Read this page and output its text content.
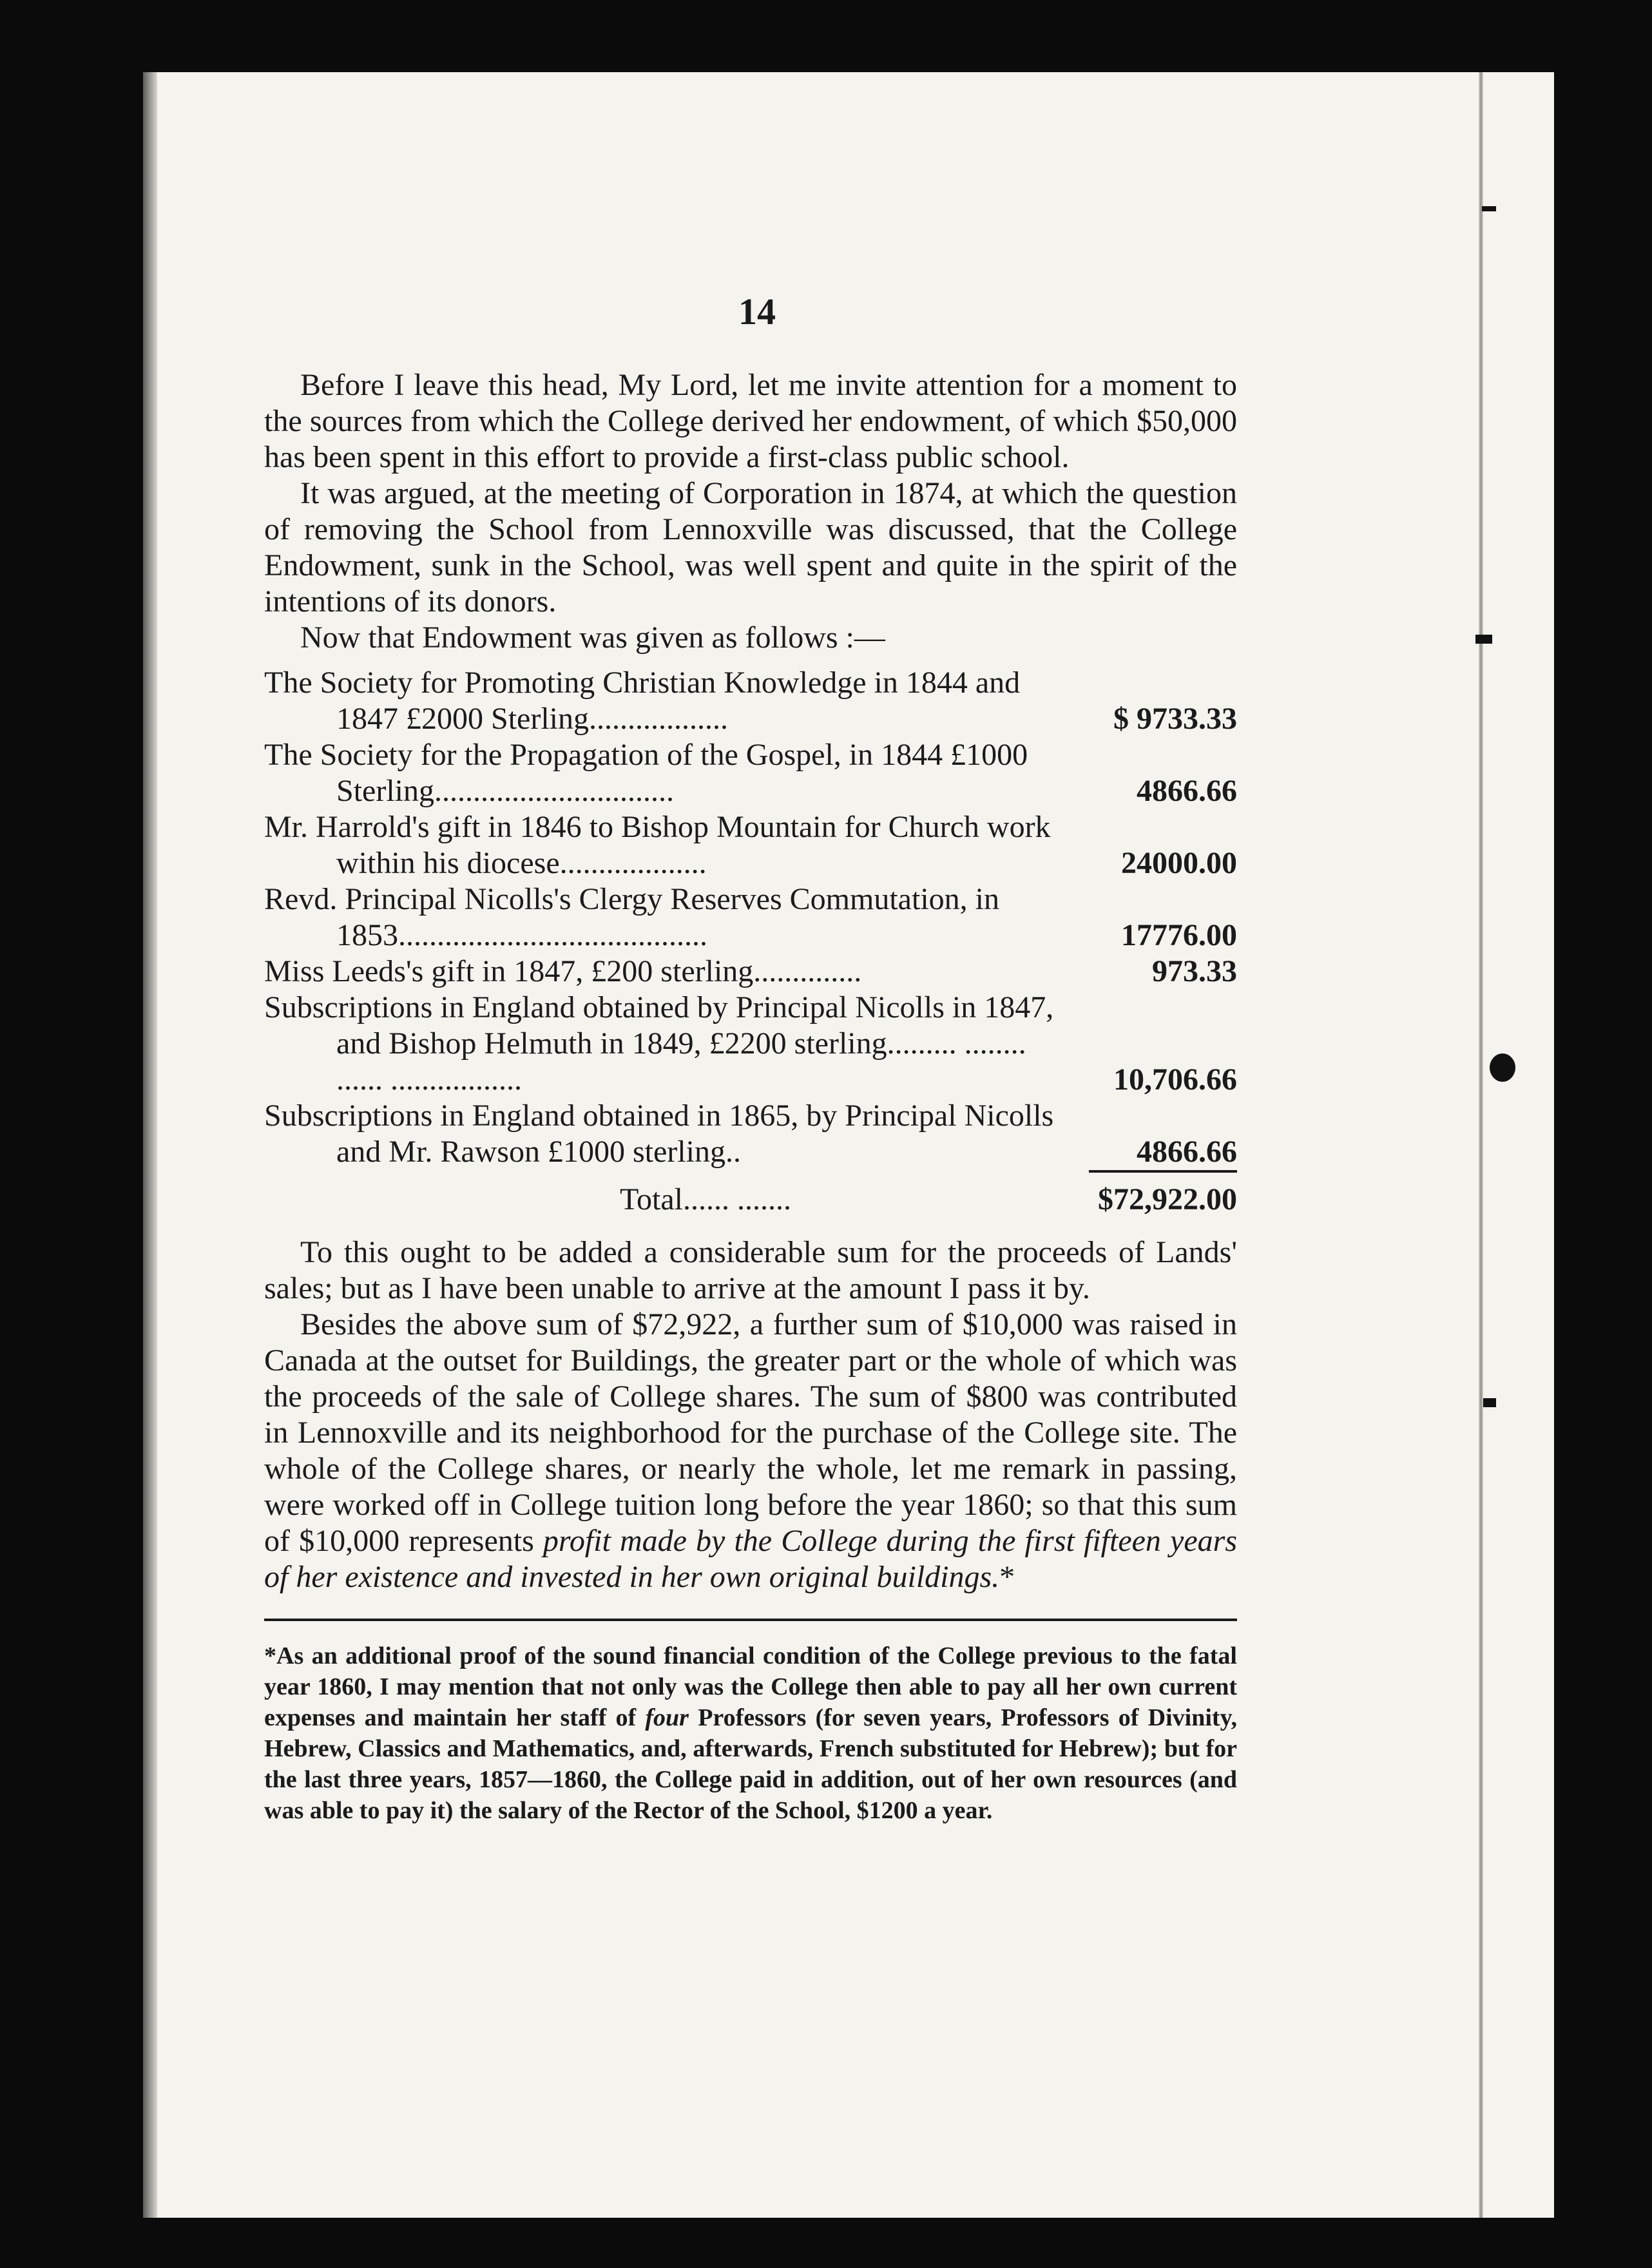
14

Before I leave this head, My Lord, let me invite attention for a moment to the sources from which the College derived her endowment, of which $50,000 has been spent in this effort to provide a first-class public school.

It was argued, at the meeting of Corporation in 1874, at which the question of removing the School from Lennoxville was discussed, that the College Endowment, sunk in the School, was well spent and quite in the spirit of the intentions of its donors.

Now that Endowment was given as follows :—

The Society for Promoting Christian Knowledge in 1844 and 1847 £2000 Sterling..................	$ 9733.33
The Society for the Propagation of the Gospel, in 1844 £1000 Sterling...............................	4866.66
Mr. Harrold's gift in 1846 to Bishop Mountain for Church work within his diocese...................	24000.00
Revd. Principal Nicolls's Clergy Reserves Commutation, in 1853........................................	17776.00
Miss Leeds's gift in 1847, £200 sterling..............	973.33
Subscriptions in England obtained by Principal Nicolls in 1847, and Bishop Helmuth in 1849, £2200 sterling......... ........ ...... .................	10,706.66
Subscriptions in England obtained in 1865, by Principal Nicolls and Mr. Rawson £1000 sterling..	4866.66
Total...... .......	$72,922.00

To this ought to be added a considerable sum for the proceeds of Lands' sales; but as I have been unable to arrive at the amount I pass it by.

Besides the above sum of $72,922, a further sum of $10,000 was raised in Canada at the outset for Buildings, the greater part or the whole of which was the proceeds of the sale of College shares. The sum of $800 was contributed in Lennoxville and its neighborhood for the purchase of the College site. The whole of the College shares, or nearly the whole, let me remark in passing, were worked off in College tuition long before the year 1860; so that this sum of $10,000 represents profit made by the College during the first fifteen years of her existence and invested in her own original buildings.*

*As an additional proof of the sound financial condition of the College previous to the fatal year 1860, I may mention that not only was the College then able to pay all her own current expenses and maintain her staff of four Professors (for seven years, Professors of Divinity, Hebrew, Classics and Mathematics, and, afterwards, French substituted for Hebrew); but for the last three years, 1857—1860, the College paid in addition, out of her own resources (and was able to pay it) the salary of the Rector of the School, $1200 a year.
